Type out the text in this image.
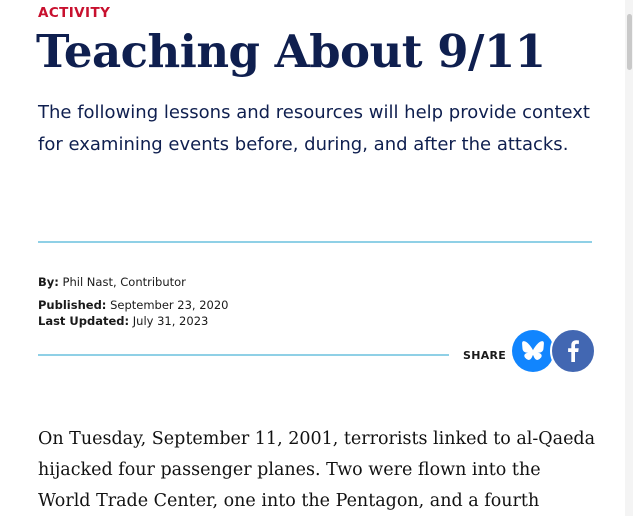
ACTIVITY
Teaching About 9/11

The following lessons and resources will help provide context for examining events before, during, and after the attacks.

By: Phil Nast, Contributor
Published: September 23, 2020
Last Updated: July 31, 2023
SHARE

On Tuesday, September 11, 2001, terrorists linked to al-Qaeda hijacked four passenger planes. Two were flown into the World Trade Center, one into the Pentagon, and a fourth
